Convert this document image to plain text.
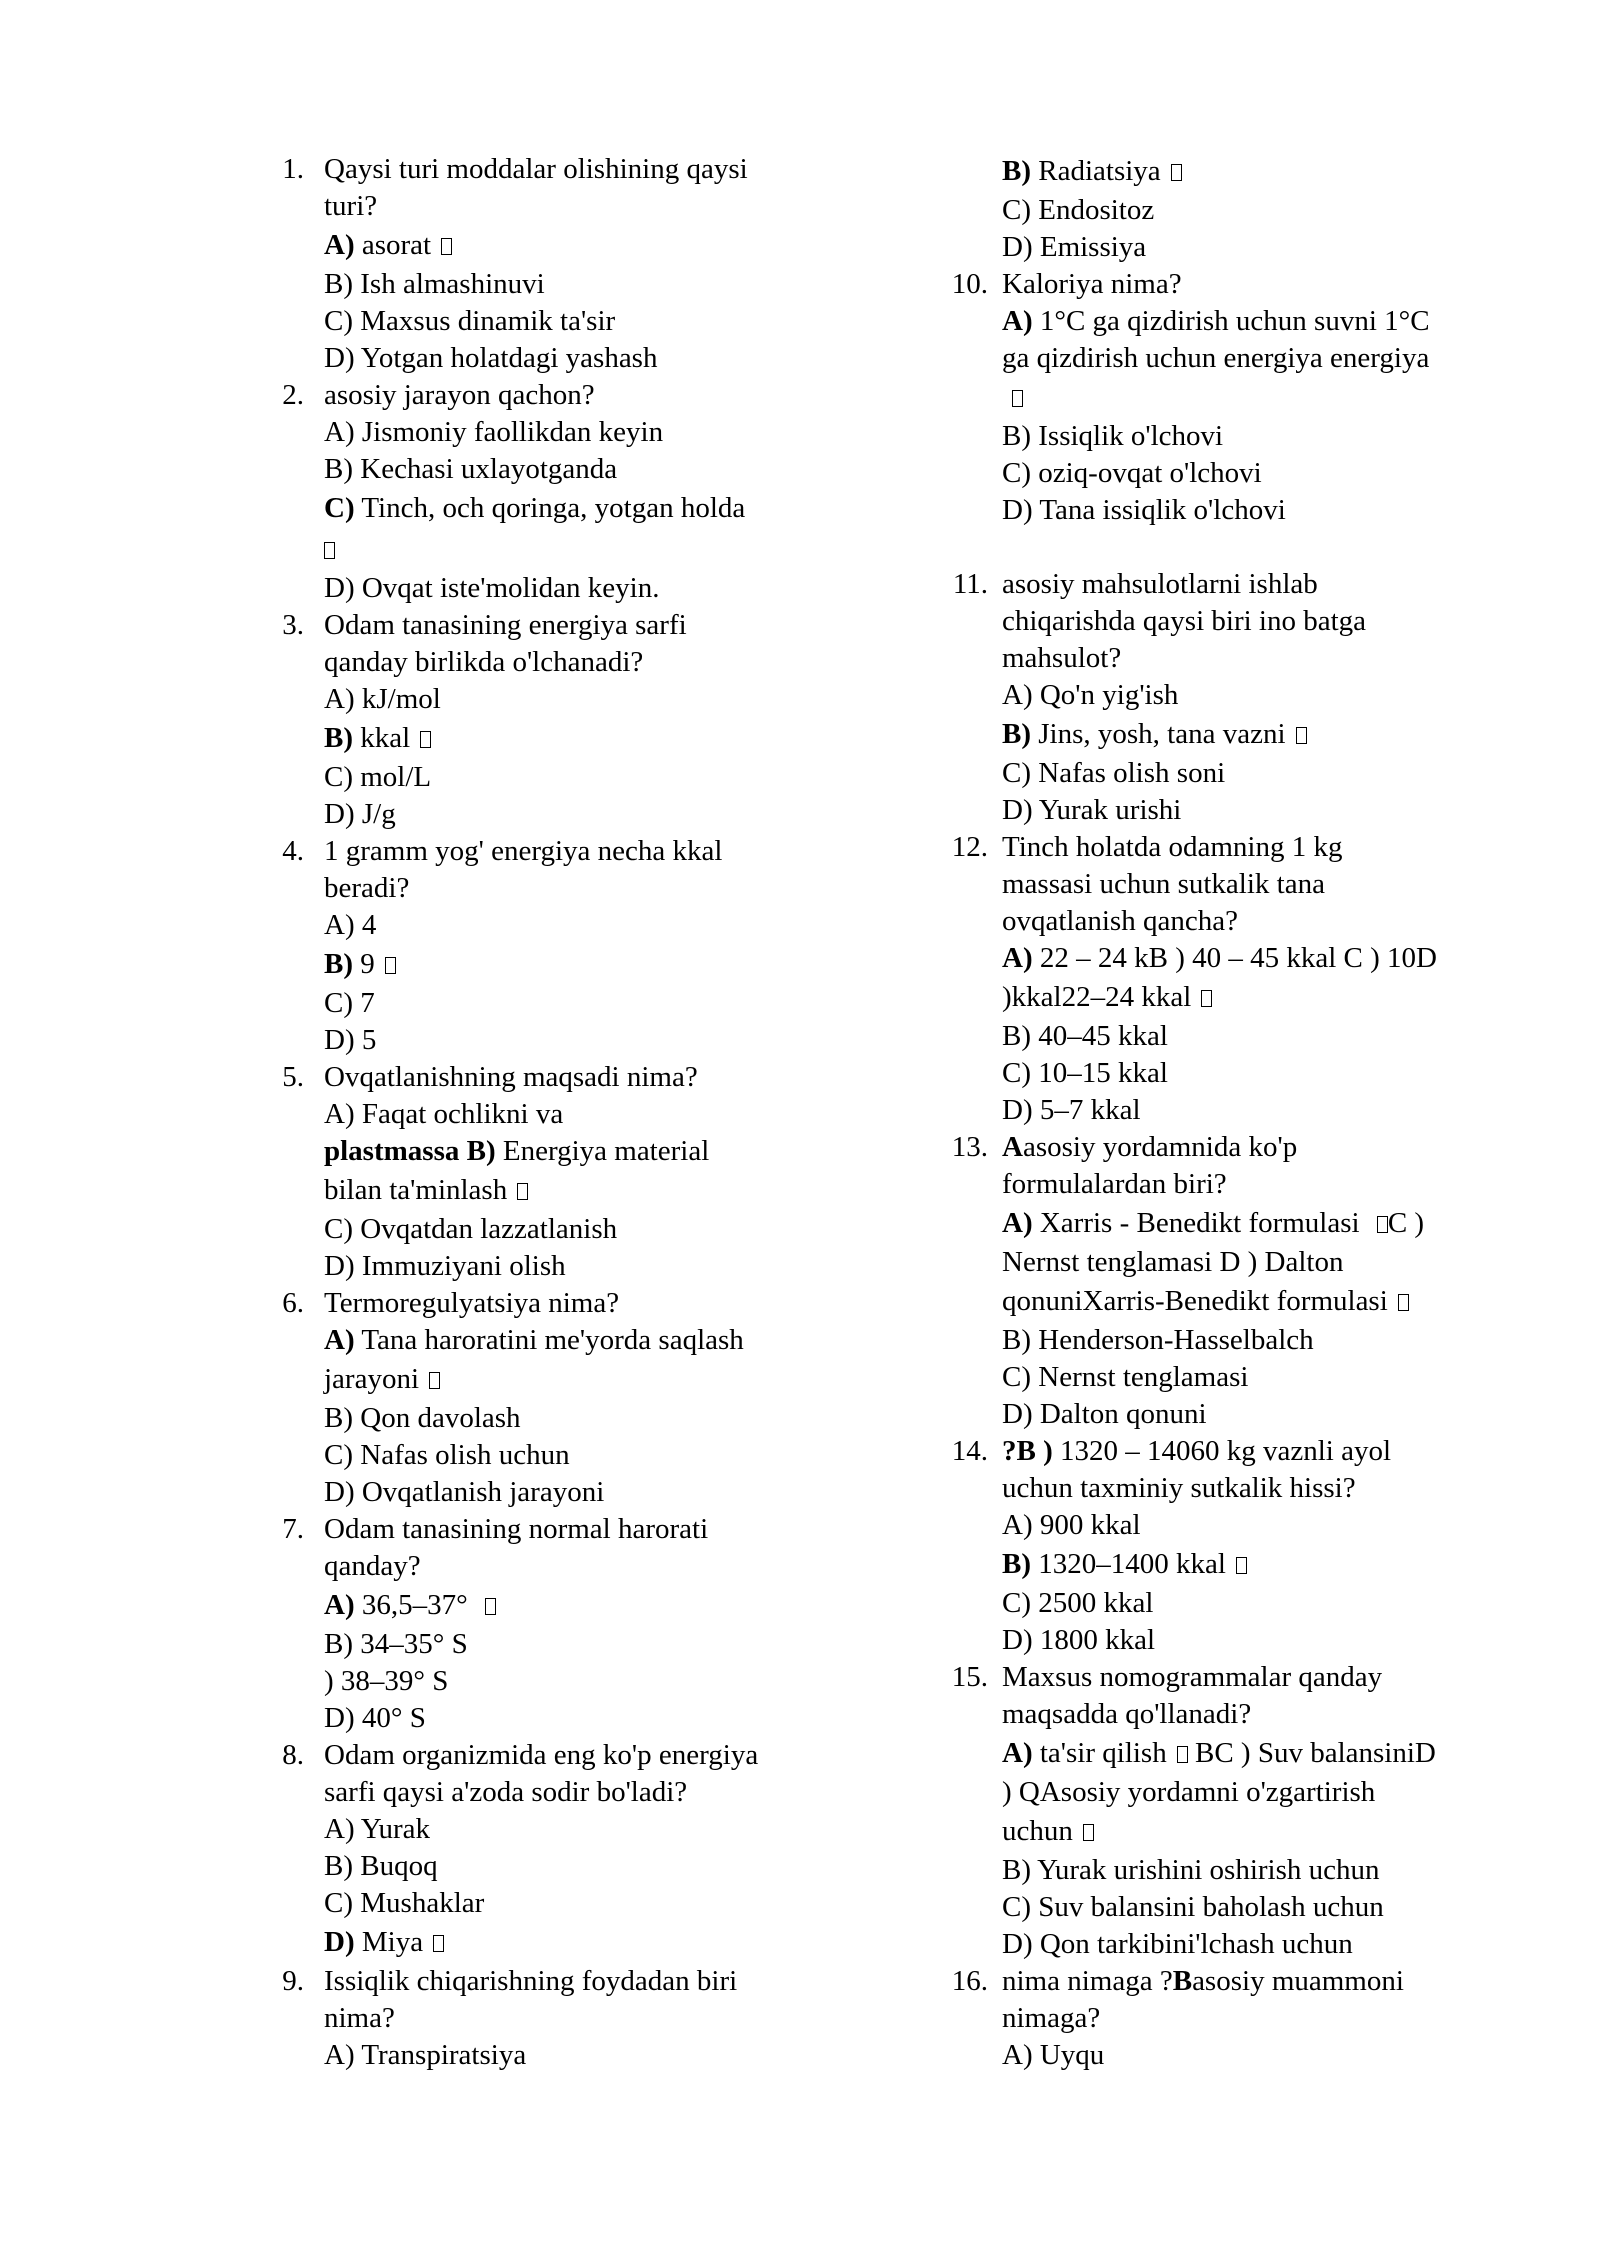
1. Qaysi turi moddalar olishining qaysi
turi?
A) asorat
B) Ish almashinuvi
C) Maxsus dinamik ta'sir
D) Yotgan holatdagi yashash
2. asosiy jarayon qachon?
A) Jismoniy faollikdan keyin
B) Kechasi uxlayotganda
C) Tinch, och qoringa, yotgan holda
D) Ovqat iste'molidan keyin.
3. Odam tanasining energiya sarfi
qanday birlikda o'lchanadi?
A) kJ/mol
B) kkal
C) mol/L
D) J/g
4. 1 gramm yog' energiya necha kkal
beradi?
A) 4
B) 9
C) 7
D) 5
5. Ovqatlanishning maqsadi nima?
A) Faqat ochlikni va
plastmassa B) Energiya material
bilan ta'minlash
C) Ovqatdan lazzatlanish
D) Immuziyani olish
6. Termoregulyatsiya nima?
A) Tana haroratini me'yorda saqlash
jarayoni
B) Qon davolash
C) Nafas olish uchun
D) Ovqatlanish jarayoni
7. Odam tanasining normal harorati
qanday?
A) 36,5–37°
B) 34–35° S
) 38–39° S
D) 40° S
8. Odam organizmida eng ko'p energiya
sarfi qaysi a'zoda sodir bo'ladi?
A) Yurak
B) Buqoq
C) Mushaklar
D) Miya
9. Issiqlik chiqarishning foydadan biri
nima?
A) Transpiratsiya
B) Radiatsiya
C) Endositoz
D) Emissiya
10. Kaloriya nima?
A) 1°C ga qizdirish uchun suvni 1°C
ga qizdirish uchun energiya energiya
B) Issiqlik o'lchovi
C) oziq-ovqat o'lchovi
D) Tana issiqlik o'lchovi
11. asosiy mahsulotlarni ishlab
chiqarishda qaysi biri ino batga
mahsulot?
A) Qo'n yig'ish
B) Jins, yosh, tana vazni
C) Nafas olish soni
D) Yurak urishi
12. Tinch holatda odamning 1 kg
massasi uchun sutkalik tana
ovqatlanish qancha?
A) 22 – 24 kB ) 40 – 45 kkal C ) 10D
)kkal22–24 kkal
B) 40–45 kkal
C) 10–15 kkal
D) 5–7 kkal
13. Aasosiy yordamnida ko'p
formulalardan biri?
A) Xarris - Benedikt formulasi C )
Nernst tenglamasi D ) Dalton
qonuniXarris-Benedikt formulasi
B) Henderson-Hasselbalch
C) Nernst tenglamasi
D) Dalton qonuni
14. ?B ) 1320 – 14060 kg vaznli ayol
uchun taxminiy sutkalik hissi?
A) 900 kkal
B) 1320–1400 kkal
C) 2500 kkal
D) 1800 kkal
15. Maxsus nomogrammalar qanday
maqsadda qo'llanadi?
A) ta'sir qilish BC ) Suv balansiniD
) QAsosiy yordamni o'zgartirish
uchun
B) Yurak urishini oshirish uchun
C) Suv balansini baholash uchun
D) Qon tarkibini'lchash uchun
16. nima nimaga ?Basosiy muammoni
nimaga?
A) Uyqu
